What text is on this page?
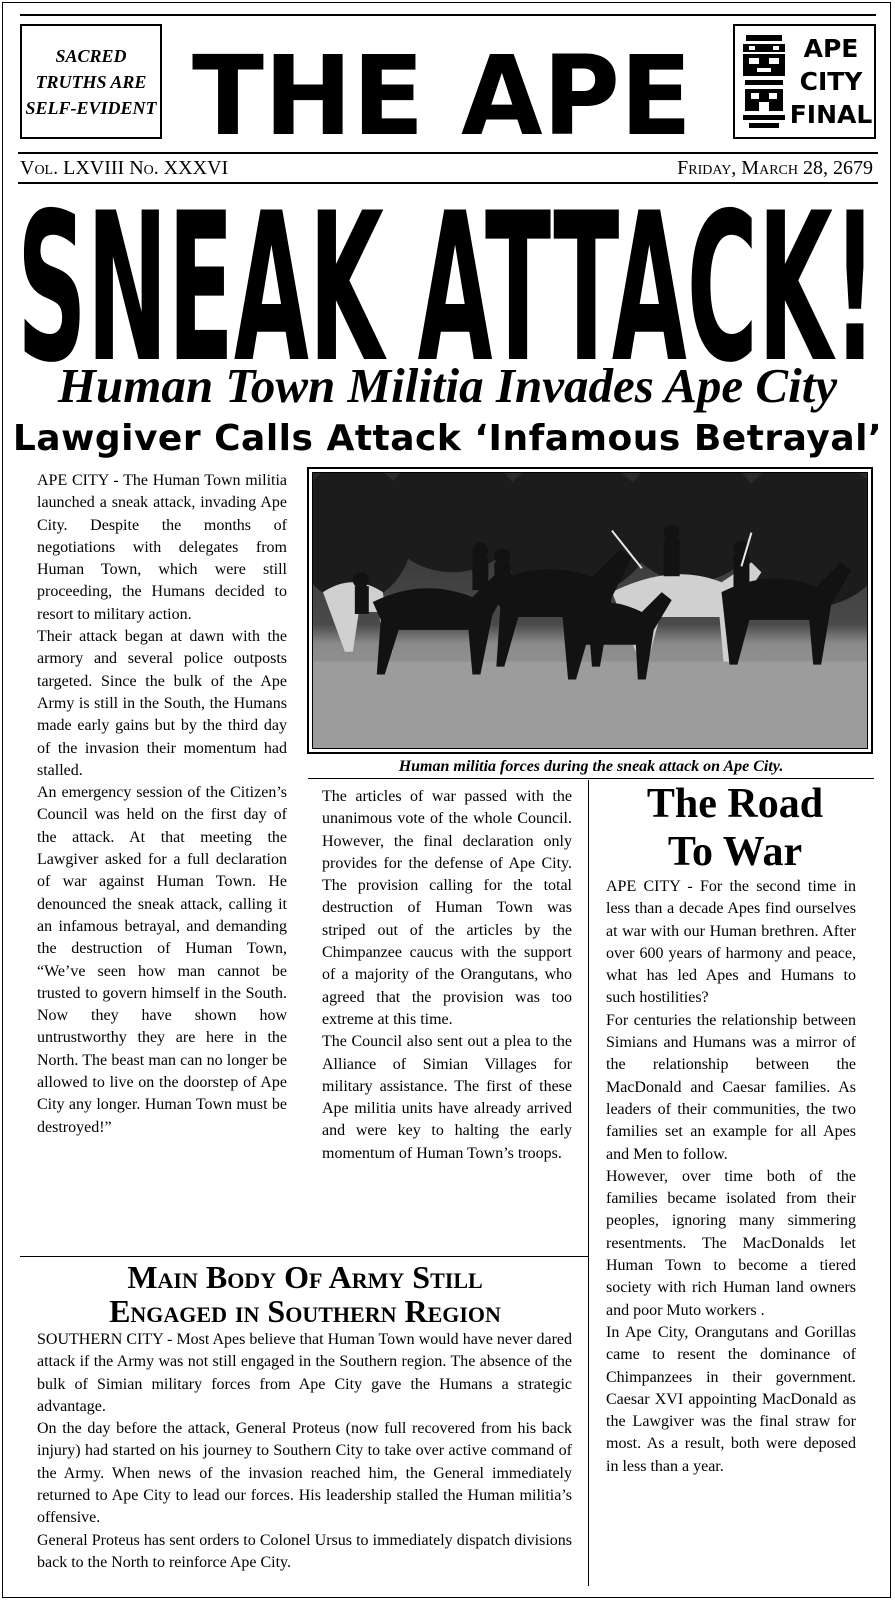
SACRED
TRUTHS ARE
SELF-EVIDENT THE APE	APE
CITY
FINAL
Vol. LXVIII No. XXXVI	Friday, March 28, 2679
SNEAK ATTACK!
Human Town Militia Invades Ape City
Lawgiver Calls Attack ‘Infamous Betrayal’

APE CITY - The Human Town militia launched a sneak attack, invading Ape City. Despite the months of negotiations with delegates from Human Town, which were still proceeding, the Humans decided to resort to military action.

Their attack began at dawn with the armory and several police outposts targeted. Since the bulk of the Ape Army is still in the South, the Humans made early gains but by the third day of the invasion their momentum had stalled.

An emergency session of the Citizen’s Council was held on the first day of the attack. At that meeting the Lawgiver asked for a full declaration of war against Human Town. He denounced the sneak attack, calling it an infamous betrayal, and demanding the destruction of Human Town, “We’ve seen how man cannot be trusted to govern himself in the South. Now they have shown how untrustworthy they are here in the North. The beast man can no longer be allowed to live on the doorstep of Ape City any longer. Human Town must be destroyed!”

Human militia forces during the sneak attack on Ape City.

The articles of war passed with the unanimous vote of the whole Council. However, the final declaration only provides for the defense of Ape City. The provision calling for the total destruction of Human Town was striped out of the articles by the Chimpanzee caucus with the support of a majority of the Orangutans, who agreed that the provision was too extreme at this time.

The Council also sent out a plea to the Alliance of Simian Villages for military assistance. The first of these Ape militia units have already arrived and were key to halting the early momentum of Human Town’s troops.

The Road
To War

APE CITY - For the second time in less than a decade Apes find ourselves at war with our Human brethren. After over 600 years of harmony and peace, what has led Apes and Humans to such hostilities?

For centuries the relationship between Simians and Humans was a mirror of the relationship between the MacDonald and Caesar families. As leaders of their communities, the two families set an example for all Apes and Men to follow.

However, over time both of the families became isolated from their peoples, ignoring many simmering resentments. The MacDonalds let Human Town to become a tiered society with rich Human land owners and poor Muto workers .

In Ape City, Orangutans and Gorillas came to resent the dominance of Chimpanzees in their government. Caesar XVI appointing MacDonald as the Lawgiver was the final straw for most. As a result, both were deposed in less than a year.

Main Body Of Army Still
Engaged in Southern Region

SOUTHERN CITY - Most Apes believe that Human Town would have never dared attack if the Army was not still engaged in the Southern region. The absence of the bulk of Simian military forces from Ape City gave the Humans a strategic advantage.

On the day before the attack, General Proteus (now full recovered from his back injury) had started on his journey to Southern City to take over active command of the Army. When news of the invasion reached him, the General immediately returned to Ape City to lead our forces. His leadership stalled the Human militia’s offensive.

General Proteus has sent orders to Colonel Ursus to immediately dispatch divisions back to the North to reinforce Ape City.
